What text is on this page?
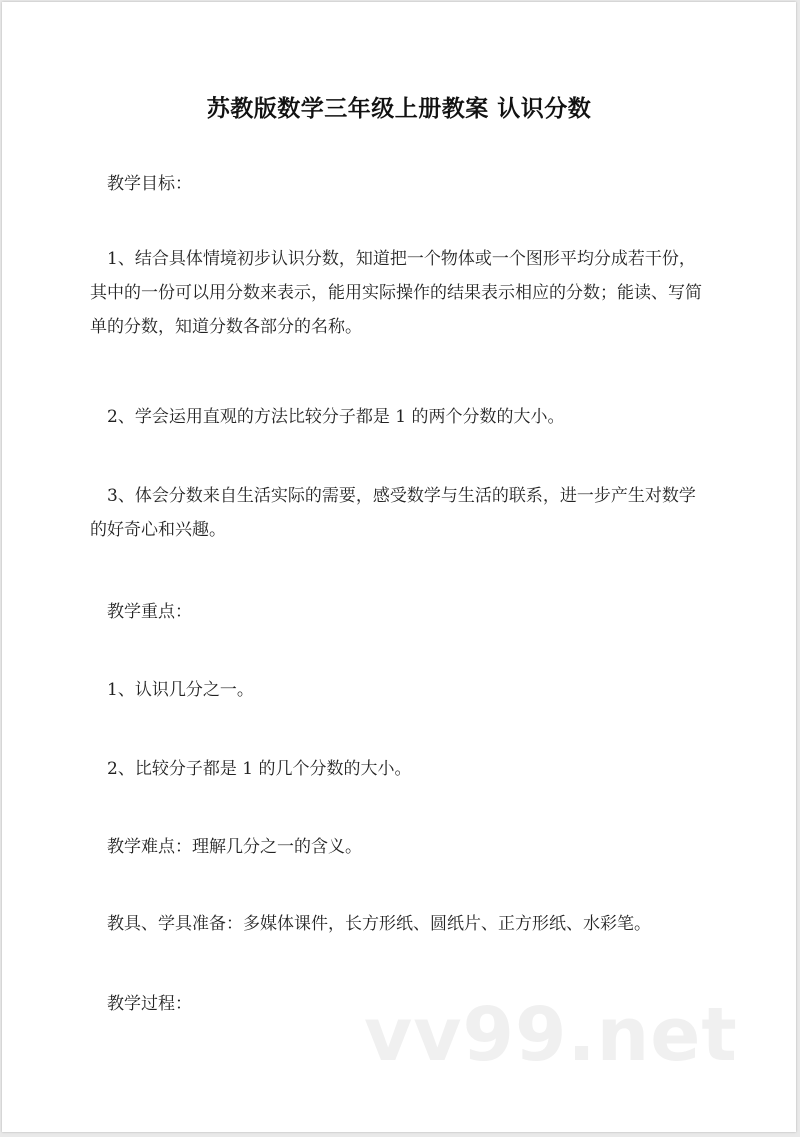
苏教版数学三年级上册教案 认识分数

教学目标：

1、结合具体情境初步认识分数，知道把一个物体或一个图形平均分成若干份，其中的一份可以用分数来表示，能用实际操作的结果表示相应的分数；能读、写简单的分数，知道分数各部分的名称。

2、学会运用直观的方法比较分子都是 1 的两个分数的大小。

3、体会分数来自生活实际的需要，感受数学与生活的联系，进一步产生对数学的好奇心和兴趣。

教学重点：

1、认识几分之一。

2、比较分子都是 1 的几个分数的大小。

教学难点：理解几分之一的含义。

教具、学具准备：多媒体课件，长方形纸、圆纸片、正方形纸、水彩笔。

教学过程：	vv99.net
